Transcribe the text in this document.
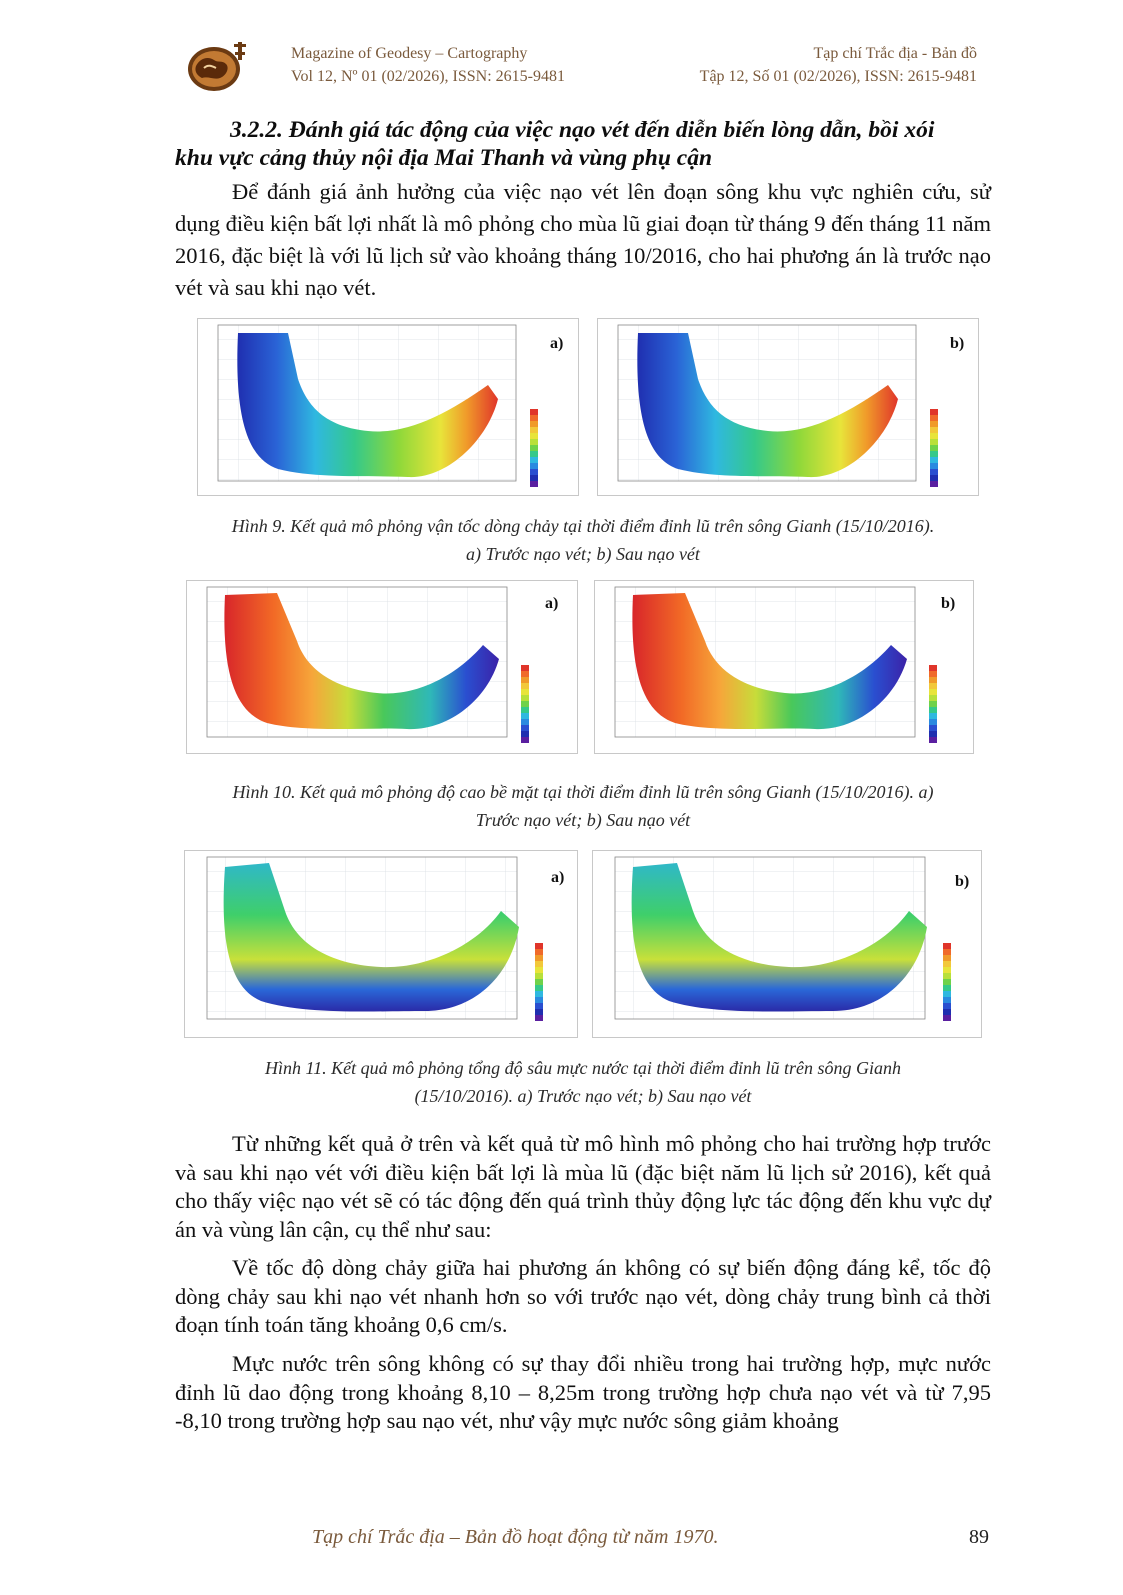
Magazine of Geodesy – Cartography
Vol 12, Nº 01 (02/2026), ISSN: 2615-9481
Tạp chí Trắc địa - Bản đồ
Tập 12, Số 01 (02/2026), ISSN: 2615-9481
3.2.2. Đánh giá tác động của việc nạo vét đến diễn biến lòng dẫn, bồi xói
khu vực cảng thủy nội địa Mai Thanh và vùng phụ cận

Để đánh giá ảnh hưởng của việc nạo vét lên đoạn sông khu vực nghiên cứu, sử dụng điều kiện bất lợi nhất là mô phỏng cho mùa lũ giai đoạn từ tháng 9 đến tháng 11 năm 2016, đặc biệt là với lũ lịch sử vào khoảng tháng 10/2016, cho hai phương án là trước nạo vét và sau khi nạo vét.

a)	b)
Hình 9. Kết quả mô phỏng vận tốc dòng chảy tại thời điểm đỉnh lũ trên sông Gianh (15/10/2016).
a) Trước nạo vét; b) Sau nạo vét
a)	b)
Hình 10. Kết quả mô phỏng độ cao bề mặt tại thời điểm đỉnh lũ trên sông Gianh (15/10/2016). a)
Trước nạo vét; b) Sau nạo vét
a)	b)
Hình 11. Kết quả mô phỏng tổng độ sâu mực nước tại thời điểm đỉnh lũ trên sông Gianh
(15/10/2016). a) Trước nạo vét; b) Sau nạo vét

Từ những kết quả ở trên và kết quả từ mô hình mô phỏng cho hai trường hợp trước và sau khi nạo vét với điều kiện bất lợi là mùa lũ (đặc biệt năm lũ lịch sử 2016), kết quả cho thấy việc nạo vét sẽ có tác động đến quá trình thủy động lực tác động đến khu vực dự án và vùng lân cận, cụ thể như sau:

Về tốc độ dòng chảy giữa hai phương án không có sự biến động đáng kể, tốc độ dòng chảy sau khi nạo vét nhanh hơn so với trước nạo vét, dòng chảy trung bình cả thời đoạn tính toán tăng khoảng 0,6 cm/s.

Mực nước trên sông không có sự thay đổi nhiều trong hai trường hợp, mực nước đỉnh lũ dao động trong khoảng 8,10 – 8,25m trong trường hợp chưa nạo vét và từ 7,95 -8,10 trong trường hợp sau nạo vét, như vậy mực nước sông giảm khoảng

Tạp chí Trắc địa – Bản đồ hoạt động từ năm 1970.	89
